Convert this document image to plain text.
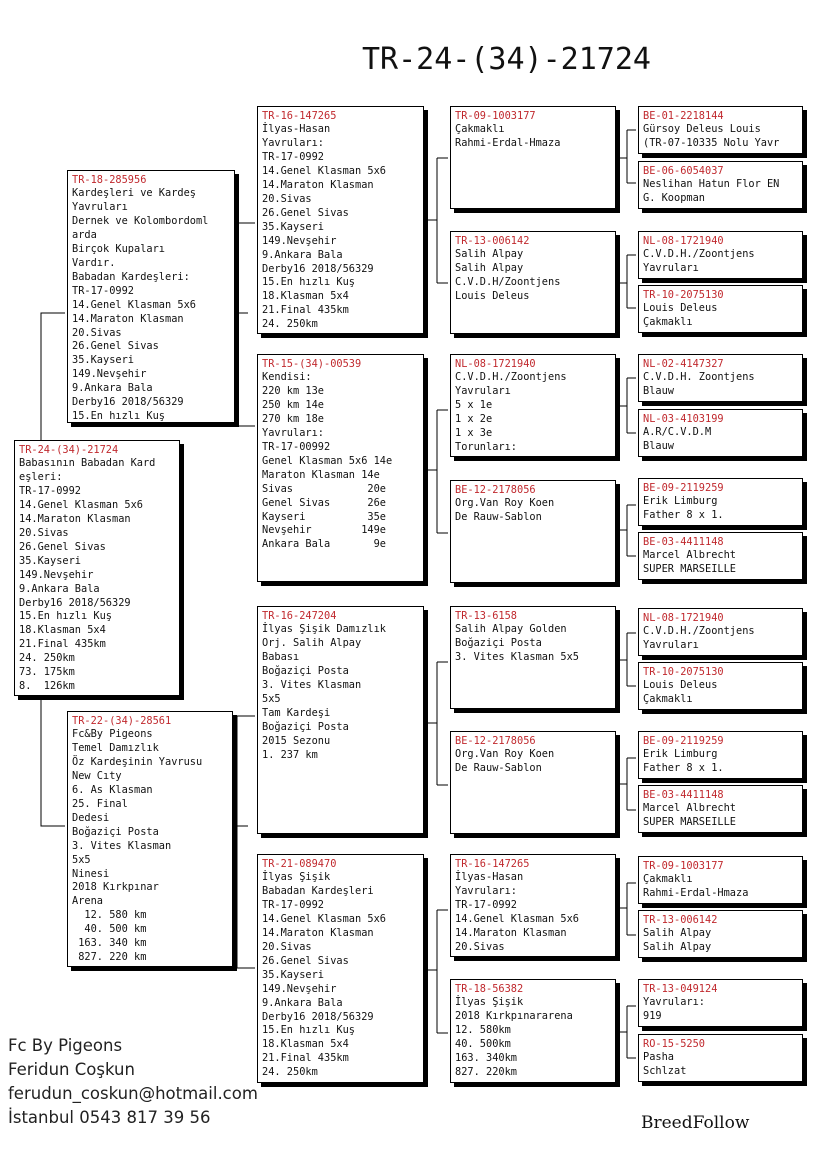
TR-24-(34)-21724
TR-24-(34)-21724
Babasının Babadan Kard
eşleri:
TR-17-0992
14.Genel Klasman 5x6
14.Maraton Klasman
20.Sivas
26.Genel Sivas
35.Kayseri
149.Nevşehir
9.Ankara Bala
Derby16 2018/56329
15.En hızlı Kuş
18.Klasman 5x4
21.Final 435km
24. 250km
73. 175km
8.  126km
TR-18-285956
Kardeşleri ve Kardeş
Yavruları
Dernek ve Kolombordoml
arda
Birçok Kupaları
Vardır.
Babadan Kardeşleri:
TR-17-0992
14.Genel Klasman 5x6
14.Maraton Klasman
20.Sivas
26.Genel Sivas
35.Kayseri
149.Nevşehir
9.Ankara Bala
Derby16 2018/56329
15.En hızlı Kuş
TR-22-(34)-28561
Fc&By Pigeons
Temel Damızlık
Öz Kardeşinin Yavrusu
New Cıty
6. As Klasman
25. Final
Dedesi
Boğaziçi Posta
3. Vites Klasman
5x5
Ninesi
2018 Kırkpınar
Arena
12. 580 km
40. 500 km
163. 340 km
827. 220 km
TR-16-147265
İlyas-Hasan
Yavruları:
TR-17-0992
14.Genel Klasman 5x6
14.Maraton Klasman
20.Sivas
26.Genel Sivas
35.Kayseri
149.Nevşehir
9.Ankara Bala
Derby16 2018/56329
15.En hızlı Kuş
18.Klasman 5x4
21.Final 435km
24. 250km
TR-15-(34)-00539
Kendisi:
220 km 13e
250 km 14e
270 km 18e
Yavruları:
TR-17-00992
Genel Klasman 5x6 14e
Maraton Klasman 14e
Sivas            20e
Genel Sivas      26e
Kayseri          35e
Nevşehir        149e
Ankara Bala       9e
TR-16-247204
İlyas Şişik Damızlık
Orj. Salih Alpay
Babası
Boğaziçi Posta
3. Vites Klasman
5x5
Tam Kardeşi
Boğaziçi Posta
2015 Sezonu
1. 237 km
TR-21-089470
İlyas Şişik
Babadan Kardeşleri
TR-17-0992
14.Genel Klasman 5x6
14.Maraton Klasman
20.Sivas
26.Genel Sivas
35.Kayseri
149.Nevşehir
9.Ankara Bala
Derby16 2018/56329
15.En hızlı Kuş
18.Klasman 5x4
21.Final 435km
24. 250km
TR-09-1003177
Çakmaklı
Rahmi-Erdal-Hmaza
TR-13-006142
Salih Alpay
Salih Alpay
C.V.D.H/Zoontjens
Louis Deleus
NL-08-1721940
C.V.D.H./Zoontjens
Yavruları
5 x 1e
1 x 2e
1 x 3e
Torunları:
BE-12-2178056
Org.Van Roy Koen
De Rauw-Sablon
TR-13-6158
Salih Alpay Golden
Boğaziçi Posta
3. Vites Klasman 5x5
BE-12-2178056
Org.Van Roy Koen
De Rauw-Sablon
TR-16-147265
İlyas-Hasan
Yavruları:
TR-17-0992
14.Genel Klasman 5x6
14.Maraton Klasman
20.Sivas
TR-18-56382
İlyas Şişik
2018 Kırkpınararena
12. 580km
40. 500km
163. 340km
827. 220km
BE-01-2218144
Gürsoy Deleus Louis
(TR-07-10335 Nolu Yavr
BE-06-6054037
Neslihan Hatun Flor EN
G. Koopman
NL-08-1721940
C.V.D.H./Zoontjens
Yavruları
TR-10-2075130
Louis Deleus
Çakmaklı
NL-02-4147327
C.V.D.H. Zoontjens
Blauw
NL-03-4103199
A.R/C.V.D.M
Blauw
BE-09-2119259
Erik Limburg
Father 8 x 1.
BE-03-4411148
Marcel Albrecht
SUPER MARSEILLE
NL-08-1721940
C.V.D.H./Zoontjens
Yavruları
TR-10-2075130
Louis Deleus
Çakmaklı
BE-09-2119259
Erik Limburg
Father 8 x 1.
BE-03-4411148
Marcel Albrecht
SUPER MARSEILLE
TR-09-1003177
Çakmaklı
Rahmi-Erdal-Hmaza
TR-13-006142
Salih Alpay
Salih Alpay
TR-13-049124
Yavruları:
919
RO-15-5250
Pasha
Schlzat
Fc By Pigeons
Feridun Coşkun
ferudun_coskun@hotmail.com
İstanbul 0543 817 39 56	BreedFollow
